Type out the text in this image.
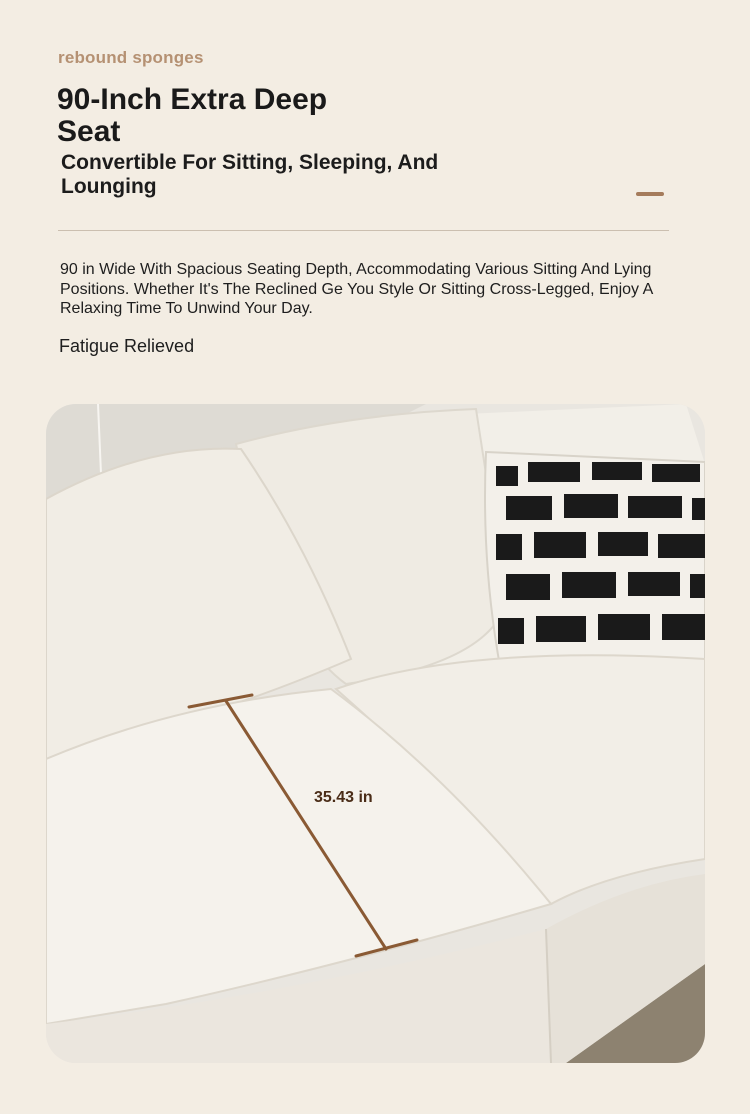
rebound sponges
90-Inch Extra Deep Seat
Convertible For Sitting, Sleeping, And Lounging

90 in Wide With Spacious Seating Depth, Accommodating Various Sitting And Lying Positions. Whether It's The Reclined Ge You Style Or Sitting Cross-Legged, Enjoy A Relaxing Time To Unwind Your Day.

Fatigue Relieved
35.43 in
